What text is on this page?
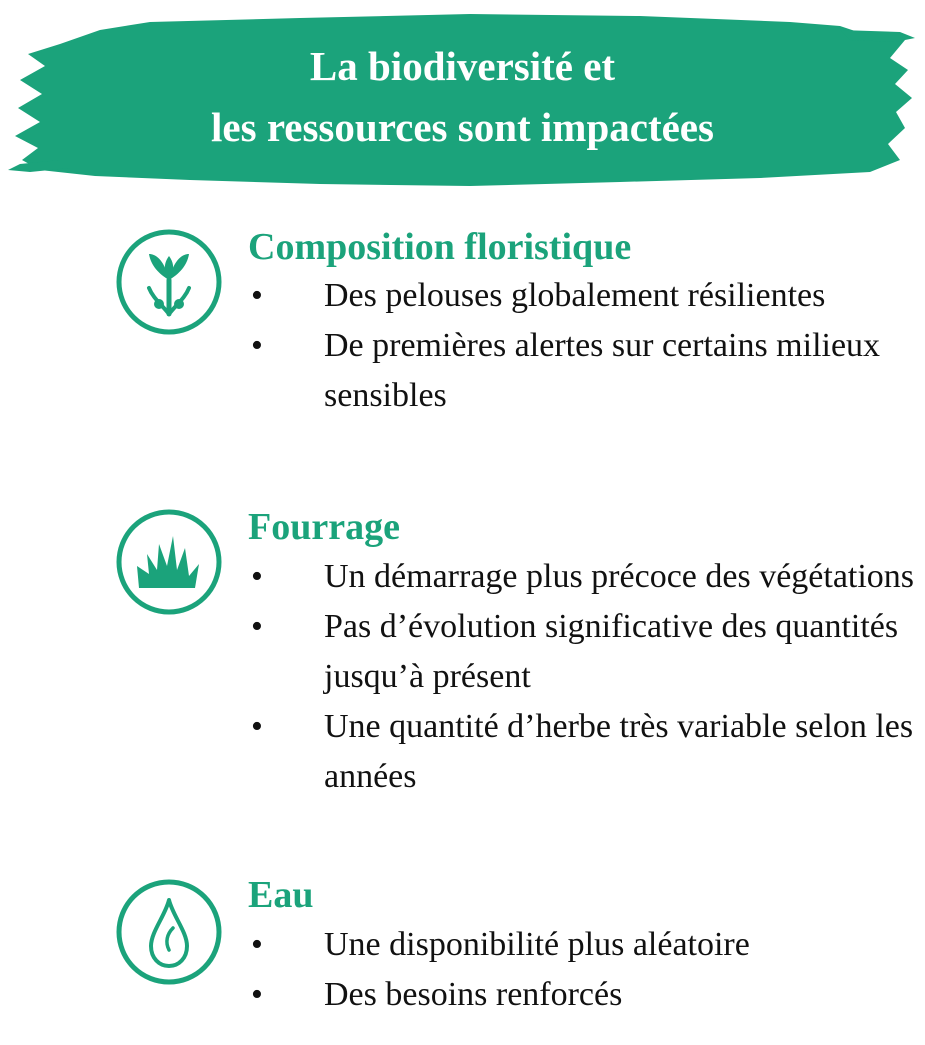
La biodiversité et
les ressources sont impactées
Composition floristique
• Des pelouses globalement résilientes
• De premières alertes sur certains milieux sensibles
Fourrage
• Un démarrage plus précoce des végétations
• Pas d’évolution significative des quantités jusqu’à présent
• Une quantité d’herbe très variable selon les années
Eau
• Une disponibilité plus aléatoire
• Des besoins renforcés
